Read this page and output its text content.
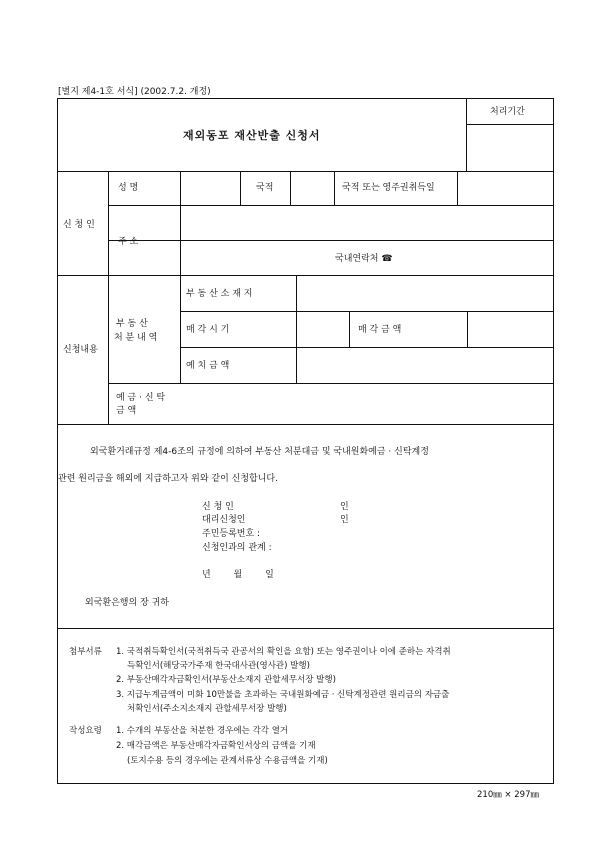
[별지 제4-1호 서식] (2002.7.2. 개정)
재외동포 재산반출 신청서
처리기간
신 청 인
성 명	국적	국적 또는 영주권취득일
주 소
국내연락처 ☎
신청내용
부 동 산
처 분 내 역
부 동 산 소 재 지
매 각 시 기	매 각 금 액
예 치 금 액
예 금 · 신 탁
금 액
외국환거래규정 제4-6조의 규정에 의하여 부동산 처분대금 및 국내원화예금 · 신탁계정
관련 원리금을 해외에 지급하고자 위와 같이 신청합니다.
신 청 인	인
대리신청인	인
주민등록번호 :
신청인과의 관계 :
년 월 일
외국환은행의 장 귀하
첨부서류 1. 국적취득확인서(국적취득국 관공서의 확인을 요함) 또는 영주권이나 이에 준하는 자격취
득확인서(해당국가주재 한국대사관(영사관) 발행)
2. 부동산매각자금확인서(부동산소재지 관할세무서장 발행)
3. 지급누계금액이 미화 10만불을 초과하는 국내원화예금 · 신탁계정관련 원리금의 자금출
처확인서(주소지소재지 관할세무서장 발행)
작성요령 1. 수개의 부동산을 처분한 경우에는 각각 열거
2. 매각금액은 부동산매각자금확인서상의 금액을 기재
(토지수용 등의 경우에는 관계서류상 수용금액을 기재)
210㎜ × 297㎜
